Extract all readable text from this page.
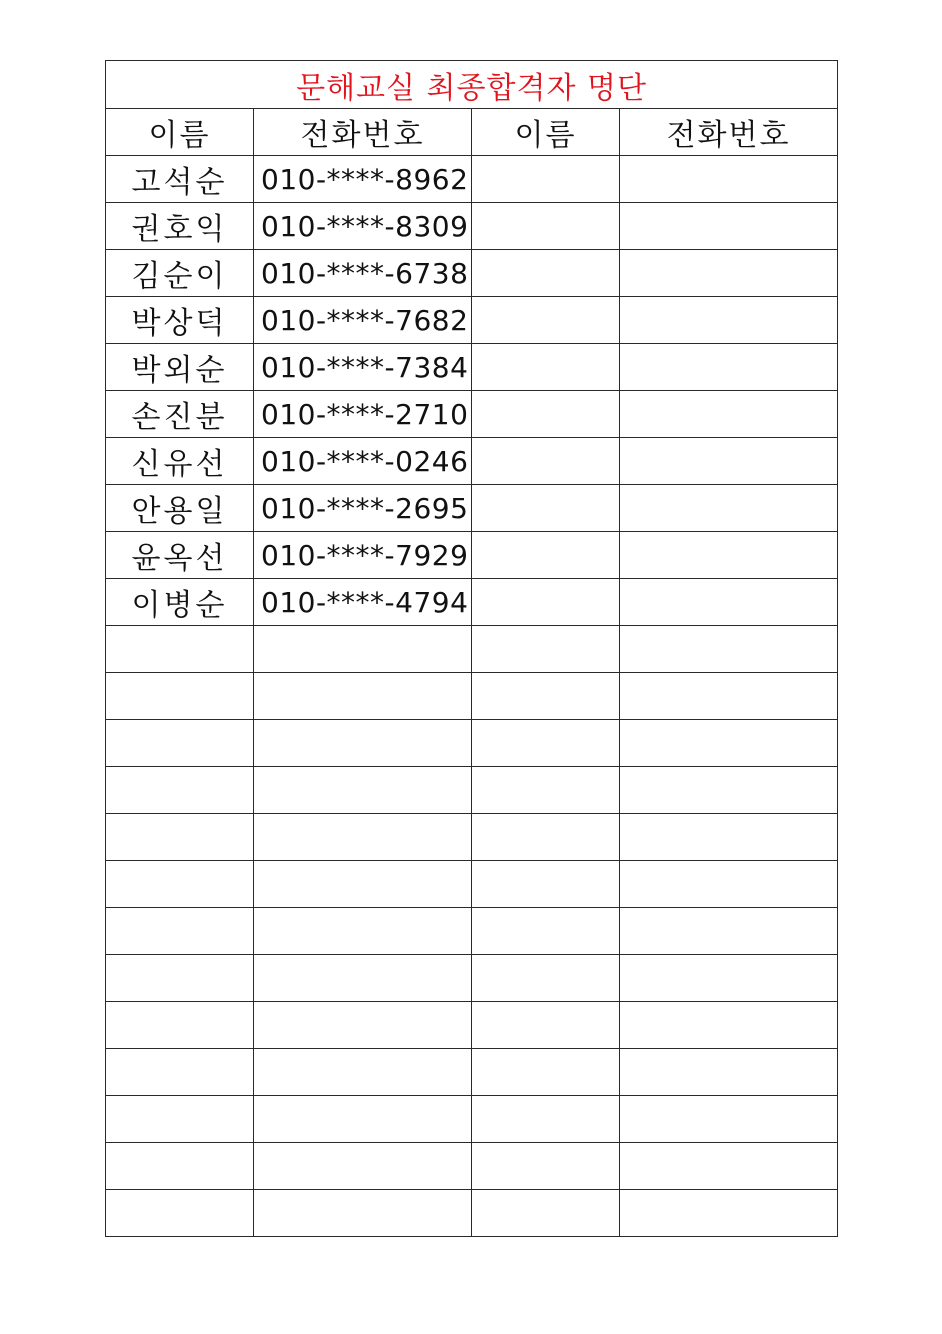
문해교실 최종합격자 명단			
이름	전화번호	이름	전화번호
고석순	010-****-8962		
권호익	010-****-8309		
김순이	010-****-6738		
박상덕	010-****-7682		
박외순	010-****-7384		
손진분	010-****-2710		
신유선	010-****-0246		
안용일	010-****-2695		
윤옥선	010-****-7929		
이병순	010-****-4794		
